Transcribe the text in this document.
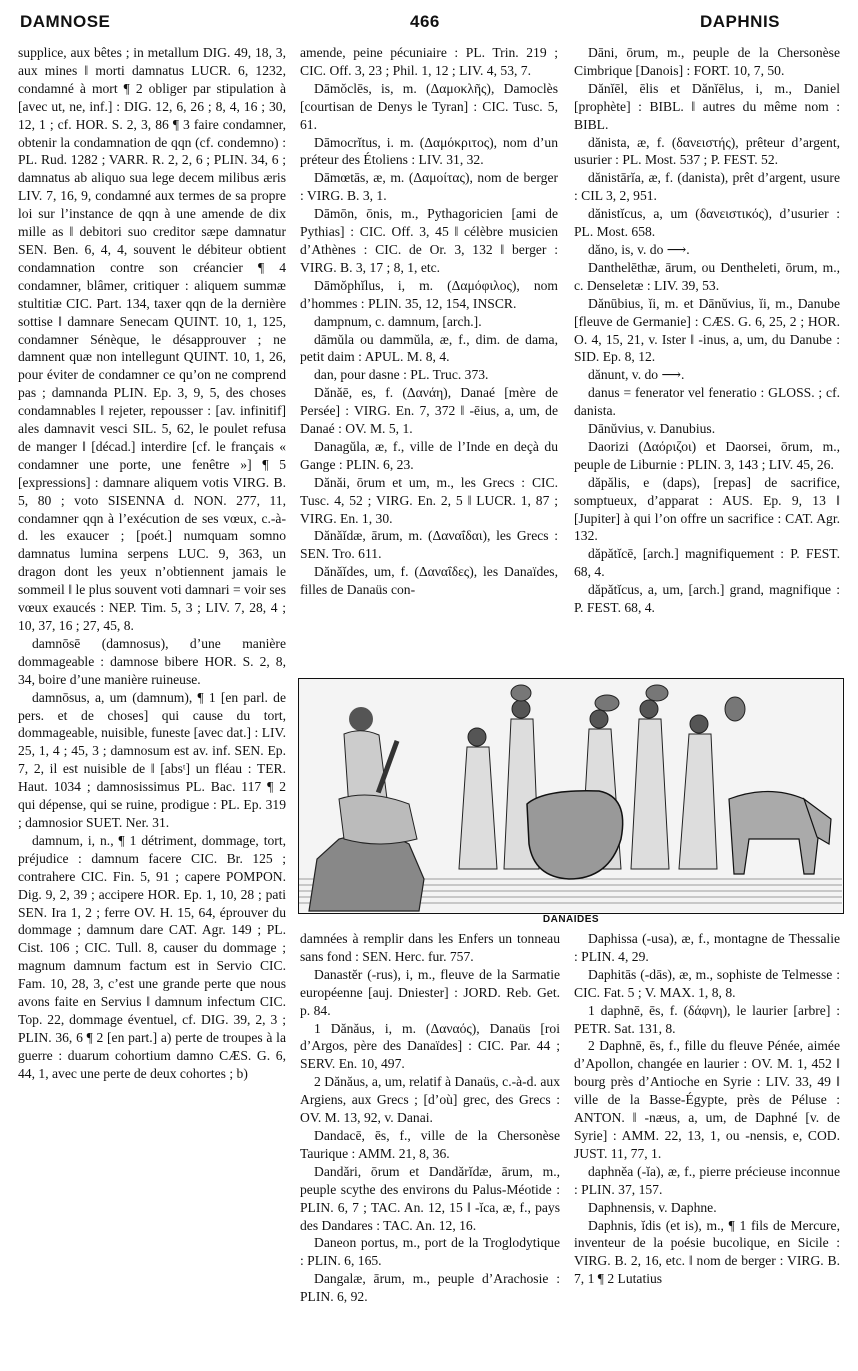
DAMNOSE	466	DAPHNIS

supplice, aux bêtes ; in metallum DIG. 49, 18, 3, aux mines ‖ morti damnatus LUCR. 6, 1232, condamné à mort ¶ 2 obliger par stipulation à [avec ut, ne, inf.] : DIG. 12, 6, 26 ; 8, 4, 16 ; 30, 12, 1 ; cf. HOR. S. 2, 3, 86 ¶ 3 faire condamner, obtenir la condamnation de qqn (cf. condemno) : PL. Rud. 1282 ; VARR. R. 2, 2, 6 ; PLIN. 34, 6 ; damnatus ab aliquo sua lege decem milibus æris LIV. 7, 16, 9, condamné aux termes de sa propre loi sur l’instance de qqn à une amende de dix mille as ‖ debitori suo creditor sæpe damnatur SEN. Ben. 6, 4, 4, souvent le débiteur obtient condamnation contre son créancier ¶ 4 condamner, blâmer, critiquer : aliquem summæ stultitiæ CIC. Part. 134, taxer qqn de la dernière sottise ‖ damnare Senecam QUINT. 10, 1, 125, condamner Sénèque, le désapprouver ; ne damnent quæ non intellegunt QUINT. 10, 1, 26, pour éviter de condamner ce qu’on ne comprend pas ; damnanda PLIN. Ep. 3, 9, 5, des choses condamnables ‖ rejeter, repousser : [av. infinitif] ales damnavit vesci SIL. 5, 62, le poulet refusa de manger ‖ [décad.] interdire [cf. le français « condamner une porte, une fenêtre »] ¶ 5 [expressions] : damnare aliquem votis VIRG. B. 5, 80 ; voto SISENNA d. NON. 277, 11, condamner qqn à l’exécution de ses vœux, c.-à-d. les exaucer ; [poét.] numquam somno damnatus lumina serpens LUC. 9, 363, un dragon dont les yeux n’obtiennent jamais le sommeil ‖ le plus souvent voti damnari = voir ses vœux exaucés : NEP. Tim. 5, 3 ; LIV. 7, 28, 4 ; 10, 37, 16 ; 27, 45, 8.

damnōsē (damnosus), d’une manière dommageable : damnose bibere HOR. S. 2, 8, 34, boire d’une manière ruineuse.

damnōsus, a, um (damnum), ¶ 1 [en parl. de pers. et de choses] qui cause du tort, dommageable, nuisible, funeste [avec dat.] : LIV. 25, 1, 4 ; 45, 3 ; damnosum est av. inf. SEN. Ep. 7, 2, il est nuisible de ‖ [absᵗ] un fléau : TER. Haut. 1034 ; damnosissimus PL. Bac. 117 ¶ 2 qui dépense, qui se ruine, prodigue : PL. Ep. 319 ; damnosior SUET. Ner. 31.

damnum, i, n., ¶ 1 détriment, dommage, tort, préjudice : damnum facere CIC. Br. 125 ; contrahere CIC. Fin. 5, 91 ; capere POMPON. Dig. 9, 2, 39 ; accipere HOR. Ep. 1, 10, 28 ; pati SEN. Ira 1, 2 ; ferre OV. H. 15, 64, éprouver du dommage ; damnum dare CAT. Agr. 149 ; PL. Cist. 106 ; CIC. Tull. 8, causer du dommage ; magnum damnum factum est in Servio CIC. Fam. 10, 28, 3, c’est une grande perte que nous avons faite en Servius ‖ damnum infectum CIC. Top. 22, dommage éventuel, cf. DIG. 39, 2, 3 ; PLIN. 36, 6 ¶ 2 [en part.] a) perte de troupes à la guerre : duarum cohortium damno CÆS. G. 6, 44, 1, avec une perte de deux cohortes ; b)

amende, peine pécuniaire : PL. Trin. 219 ; CIC. Off. 3, 23 ; Phil. 1, 12 ; LIV. 4, 53, 7.

Dāmŏclēs, is, m. (Δαμοκλῆς), Damoclès [courtisan de Denys le Tyran] : CIC. Tusc. 5, 61.

Dāmocrĭtus, i. m. (Δαμόκριτος), nom d’un préteur des Étoliens : LIV. 31, 32.

Dāmœtās, æ, m. (Δαμοίτας), nom de berger : VIRG. B. 3, 1.

Dāmōn, ōnis, m., Pythagoricien [ami de Pythias] : CIC. Off. 3, 45 ‖ célèbre musicien d’Athènes : CIC. de Or. 3, 132 ‖ berger : VIRG. B. 3, 17 ; 8, 1, etc.

Dāmŏphĭlus, i, m. (Δαμόφιλος), nom d’hommes : PLIN. 35, 12, 154, INSCR.

dampnum, c. damnum, [arch.].

dāmŭla ou dammŭla, æ, f., dim. de dama, petit daim : APUL. M. 8, 4.

dan, pour dasne : PL. Truc. 373.

Dănăē, es, f. (Δανάη), Danaé [mère de Persée] : VIRG. En. 7, 372 ‖ -ēius, a, um, de Danaé : OV. M. 5, 1.

Danagŭla, æ, f., ville de l’Inde en deçà du Gange : PLIN. 6, 23.

Dănăi, ōrum et um, m., les Grecs : CIC. Tusc. 4, 52 ; VIRG. En. 2, 5 ‖ LUCR. 1, 87 ; VIRG. En. 1, 30.

Dănăĭdæ, ārum, m. (Δαναΐδαι), les Grecs : SEN. Tro. 611.

Dănăĭdes, um, f. (Δαναΐδες), les Danaïdes, filles de Danaüs con-

Dāni, ōrum, m., peuple de la Chersonèse Cimbrique [Danois] : FORT. 10, 7, 50.

Dănĭēl, ēlis et Dănĭēlus, i, m., Daniel [prophète] : BIBL. ‖ autres du même nom : BIBL.

dănista, æ, f. (δανειστής), prêteur d’argent, usurier : PL. Most. 537 ; P. FEST. 52.

dănistārĭa, æ, f. (danista), prêt d’argent, usure : CIL 3, 2, 951.

dănistĭcus, a, um (δανειστικός), d’usurier : PL. Most. 658.

dăno, is, v. do ⟶.

Danthelēthæ, ārum, ou Dentheleti, ōrum, m., c. Denseletæ : LIV. 39, 53.

Dănūbius, ĭi, m. et Dānŭvius, ĭi, m., Danube [fleuve de Germanie] : CÆS. G. 6, 25, 2 ; HOR. O. 4, 15, 21, v. Ister ‖ -inus, a, um, du Danube : SID. Ep. 8, 12.

dănunt, v. do ⟶.

danus = fenerator vel feneratio : GLOSS. ; cf. danista.

Dānŭvius, v. Danubius.

Daorizi (Δαόριζοι) et Daorsei, ōrum, m., peuple de Liburnie : PLIN. 3, 143 ; LIV. 45, 26.

dăpălis, e (daps), [repas] de sacrifice, somptueux, d’apparat : AUS. Ep. 9, 13 ‖ [Jupiter] à qui l’on offre un sacrifice : CAT. Agr. 132.

dăpătĭcē, [arch.] magnifiquement : P. FEST. 68, 4.

dăpătĭcus, a, um, [arch.] grand, magnifique : P. FEST. 68, 4.

DANAIDES

damnées à remplir dans les Enfers un tonneau sans fond : SEN. Herc. fur. 757.

Danastĕr (-rus), i, m., fleuve de la Sarmatie européenne [auj. Dniester] : JORD. Reb. Get. p. 84.

1 Dănăus, i, m. (Δαναός), Danaüs [roi d’Argos, père des Danaïdes] : CIC. Par. 44 ; SERV. En. 10, 497.

2 Dănăus, a, um, relatif à Danaüs, c.-à-d. aux Argiens, aux Grecs ; [d’où] grec, des Grecs : OV. M. 13, 92, v. Danai.

Dandacē, ēs, f., ville de la Chersonèse Taurique : AMM. 21, 8, 36.

Dandări, ōrum et Dandărĭdæ, ārum, m., peuple scythe des environs du Palus-Méotide : PLIN. 6, 7 ; TAC. An. 12, 15 ‖ -ĭca, æ, f., pays des Dandares : TAC. An. 12, 16.

Daneon portus, m., port de la Troglodytique : PLIN. 6, 165.

Dangalæ, ārum, m., peuple d’Arachosie : PLIN. 6, 92.

Daphissa (-usa), æ, f., montagne de Thessalie : PLIN. 4, 29.

Daphitās (-dās), æ, m., sophiste de Telmesse : CIC. Fat. 5 ; V. MAX. 1, 8, 8.

1 daphnē, ēs, f. (δάφνη), le laurier [arbre] : PETR. Sat. 131, 8.

2 Daphnē, ēs, f., fille du fleuve Pénée, aimée d’Apollon, changée en laurier : OV. M. 1, 452 ‖ bourg près d’Antioche en Syrie : LIV. 33, 49 ‖ ville de la Basse-Égypte, près de Péluse : ANTON. ‖ -næus, a, um, de Daphné [v. de Syrie] : AMM. 22, 13, 1, ou -nensis, e, COD. JUST. 11, 77, 1.

daphnĕa (-ĭa), æ, f., pierre précieuse inconnue : PLIN. 37, 157.

Daphnensis, v. Daphne.

Daphnis, ĭdis (et is), m., ¶ 1 fils de Mercure, inventeur de la poésie bucolique, en Sicile : VIRG. B. 2, 16, etc. ‖ nom de berger : VIRG. B. 7, 1 ¶ 2 Lutatius
